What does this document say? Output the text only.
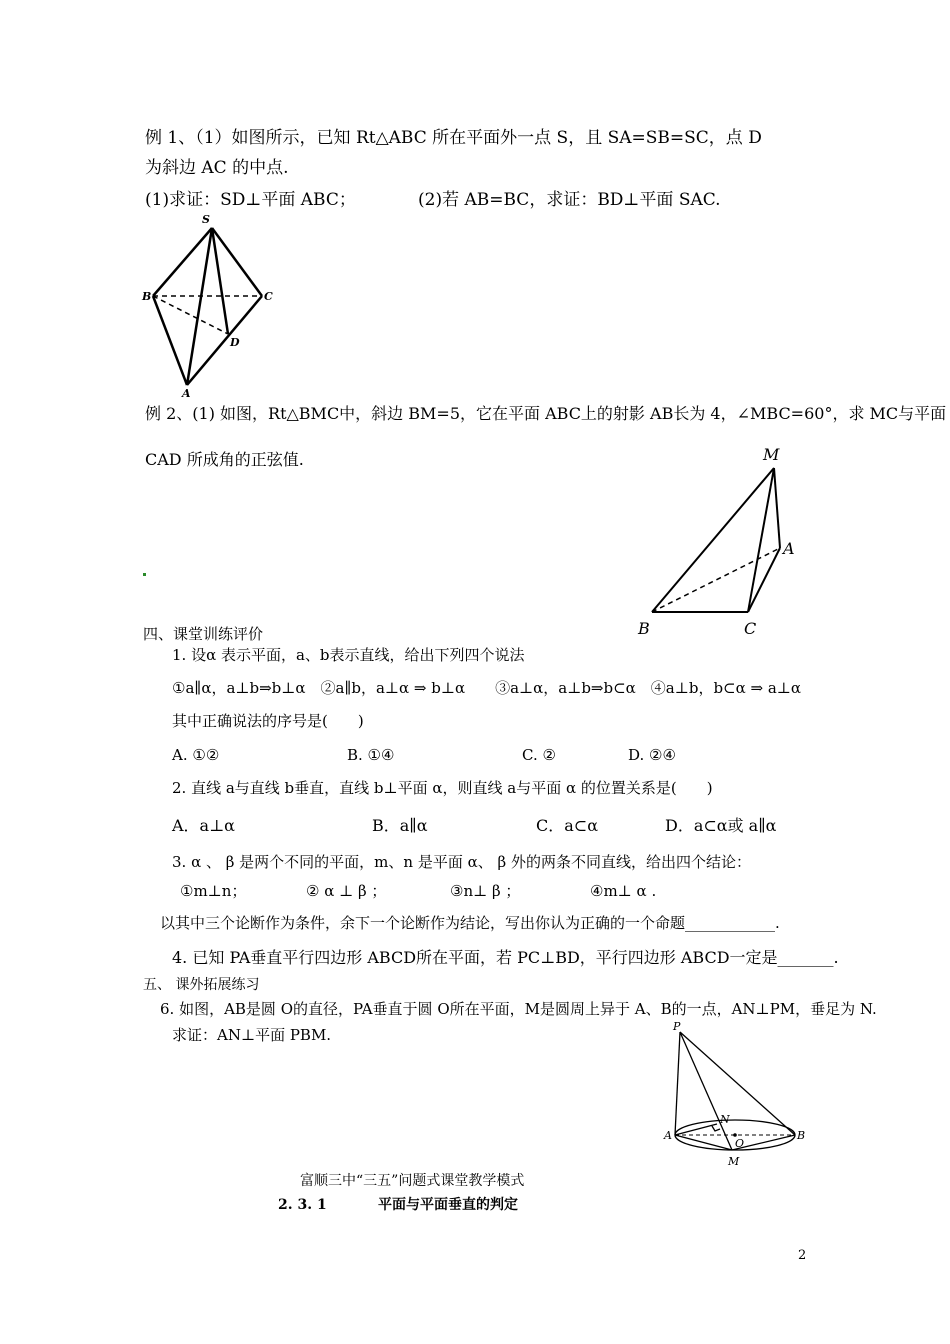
例 1、（1）如图所示，已知 Rt△ABC 所在平面外一点 S，且 SA=SB=SC，点 D
为斜边 AC 的中点.
(1)求证：SD⊥平面 ABC；	(2)若 AB=BC，求证：BD⊥平面 SAC.
S
B	C
D
A
例 2、(1) 如图，Rt△BMC中，斜边 BM=5，它在平面 ABC上的射影 AB长为 4，∠MBC=60°，求 MC与平面
CAD 所成角的正弦值.	M
A
B	C
四、课堂训练评价
1. 设α 表示平面，a、b表示直线，给出下列四个说法
①a∥α，a⊥b⇒b⊥α　②a∥b，a⊥α ⇒ b⊥α　　③a⊥α，a⊥b⇒b⊂α　④a⊥b，b⊂α ⇒ a⊥α
其中正确说法的序号是(　　)
A. ①②	B. ①④	C. ②	D. ②④
2. 直线 a与直线 b垂直，直线 b⊥平面 α，则直线 a与平面 α 的位置关系是(　　)
A．a⊥α	B．a∥α	C．a⊂α	D．a⊂α或 a∥α
3. α 、 β 是两个不同的平面，m、n 是平面 α、 β 外的两条不同直线，给出四个结论：
①m⊥n；	② α ⊥ β ；	③n⊥ β ；	④m⊥ α .
以其中三个论断作为条件，余下一个论断作为结论，写出你认为正确的一个命题____________.
4. 已知 PA垂直平行四边形 ABCD所在平面，若 PC⊥BD，平行四边形 ABCD一定是_______.
五、 课外拓展练习
6. 如图，AB是圆 O的直径，PA垂直于圆 O所在平面，M是圆周上异于 A、B的一点，AN⊥PM，垂足为 N.
求证：AN⊥平面 PBM.	P
N
A
O
B
M
富顺三中“三五”问题式课堂教学模式
2. 3. 1	平面与平面垂直的判定
2
